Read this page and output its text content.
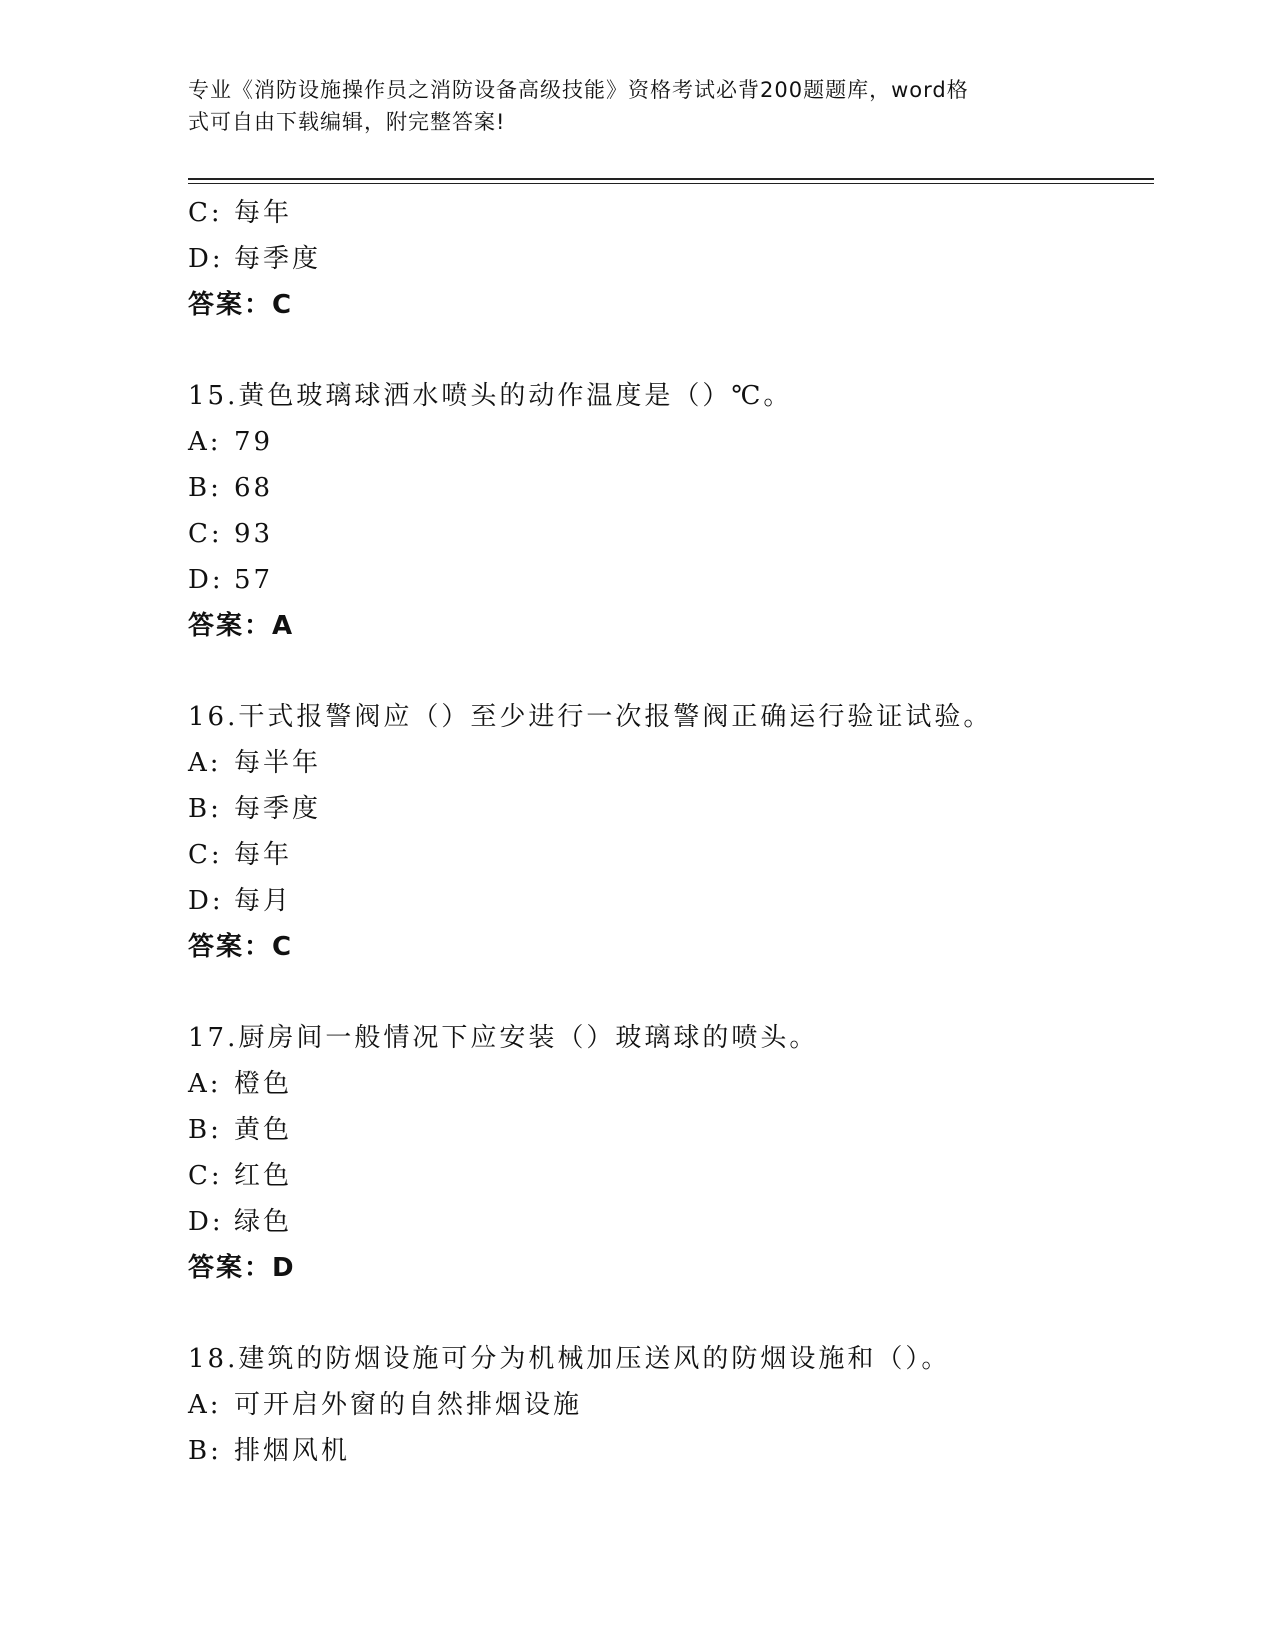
专业《消防设施操作员之消防设备高级技能》资格考试必背200题题库，word格
式可自由下载编辑，附完整答案!
C: 每年
D: 每季度
答案：C
15.黄色玻璃球洒水喷头的动作温度是（）℃。
A: 79
B: 68
C: 93
D: 57
答案：A
16.干式报警阀应（）至少进行一次报警阀正确运行验证试验。
A: 每半年
B: 每季度
C: 每年
D: 每月
答案：C
17.厨房间一般情况下应安装（）玻璃球的喷头。
A: 橙色
B: 黄色
C: 红色
D: 绿色
答案：D
18.建筑的防烟设施可分为机械加压送风的防烟设施和（）。
A: 可开启外窗的自然排烟设施
B: 排烟风机
